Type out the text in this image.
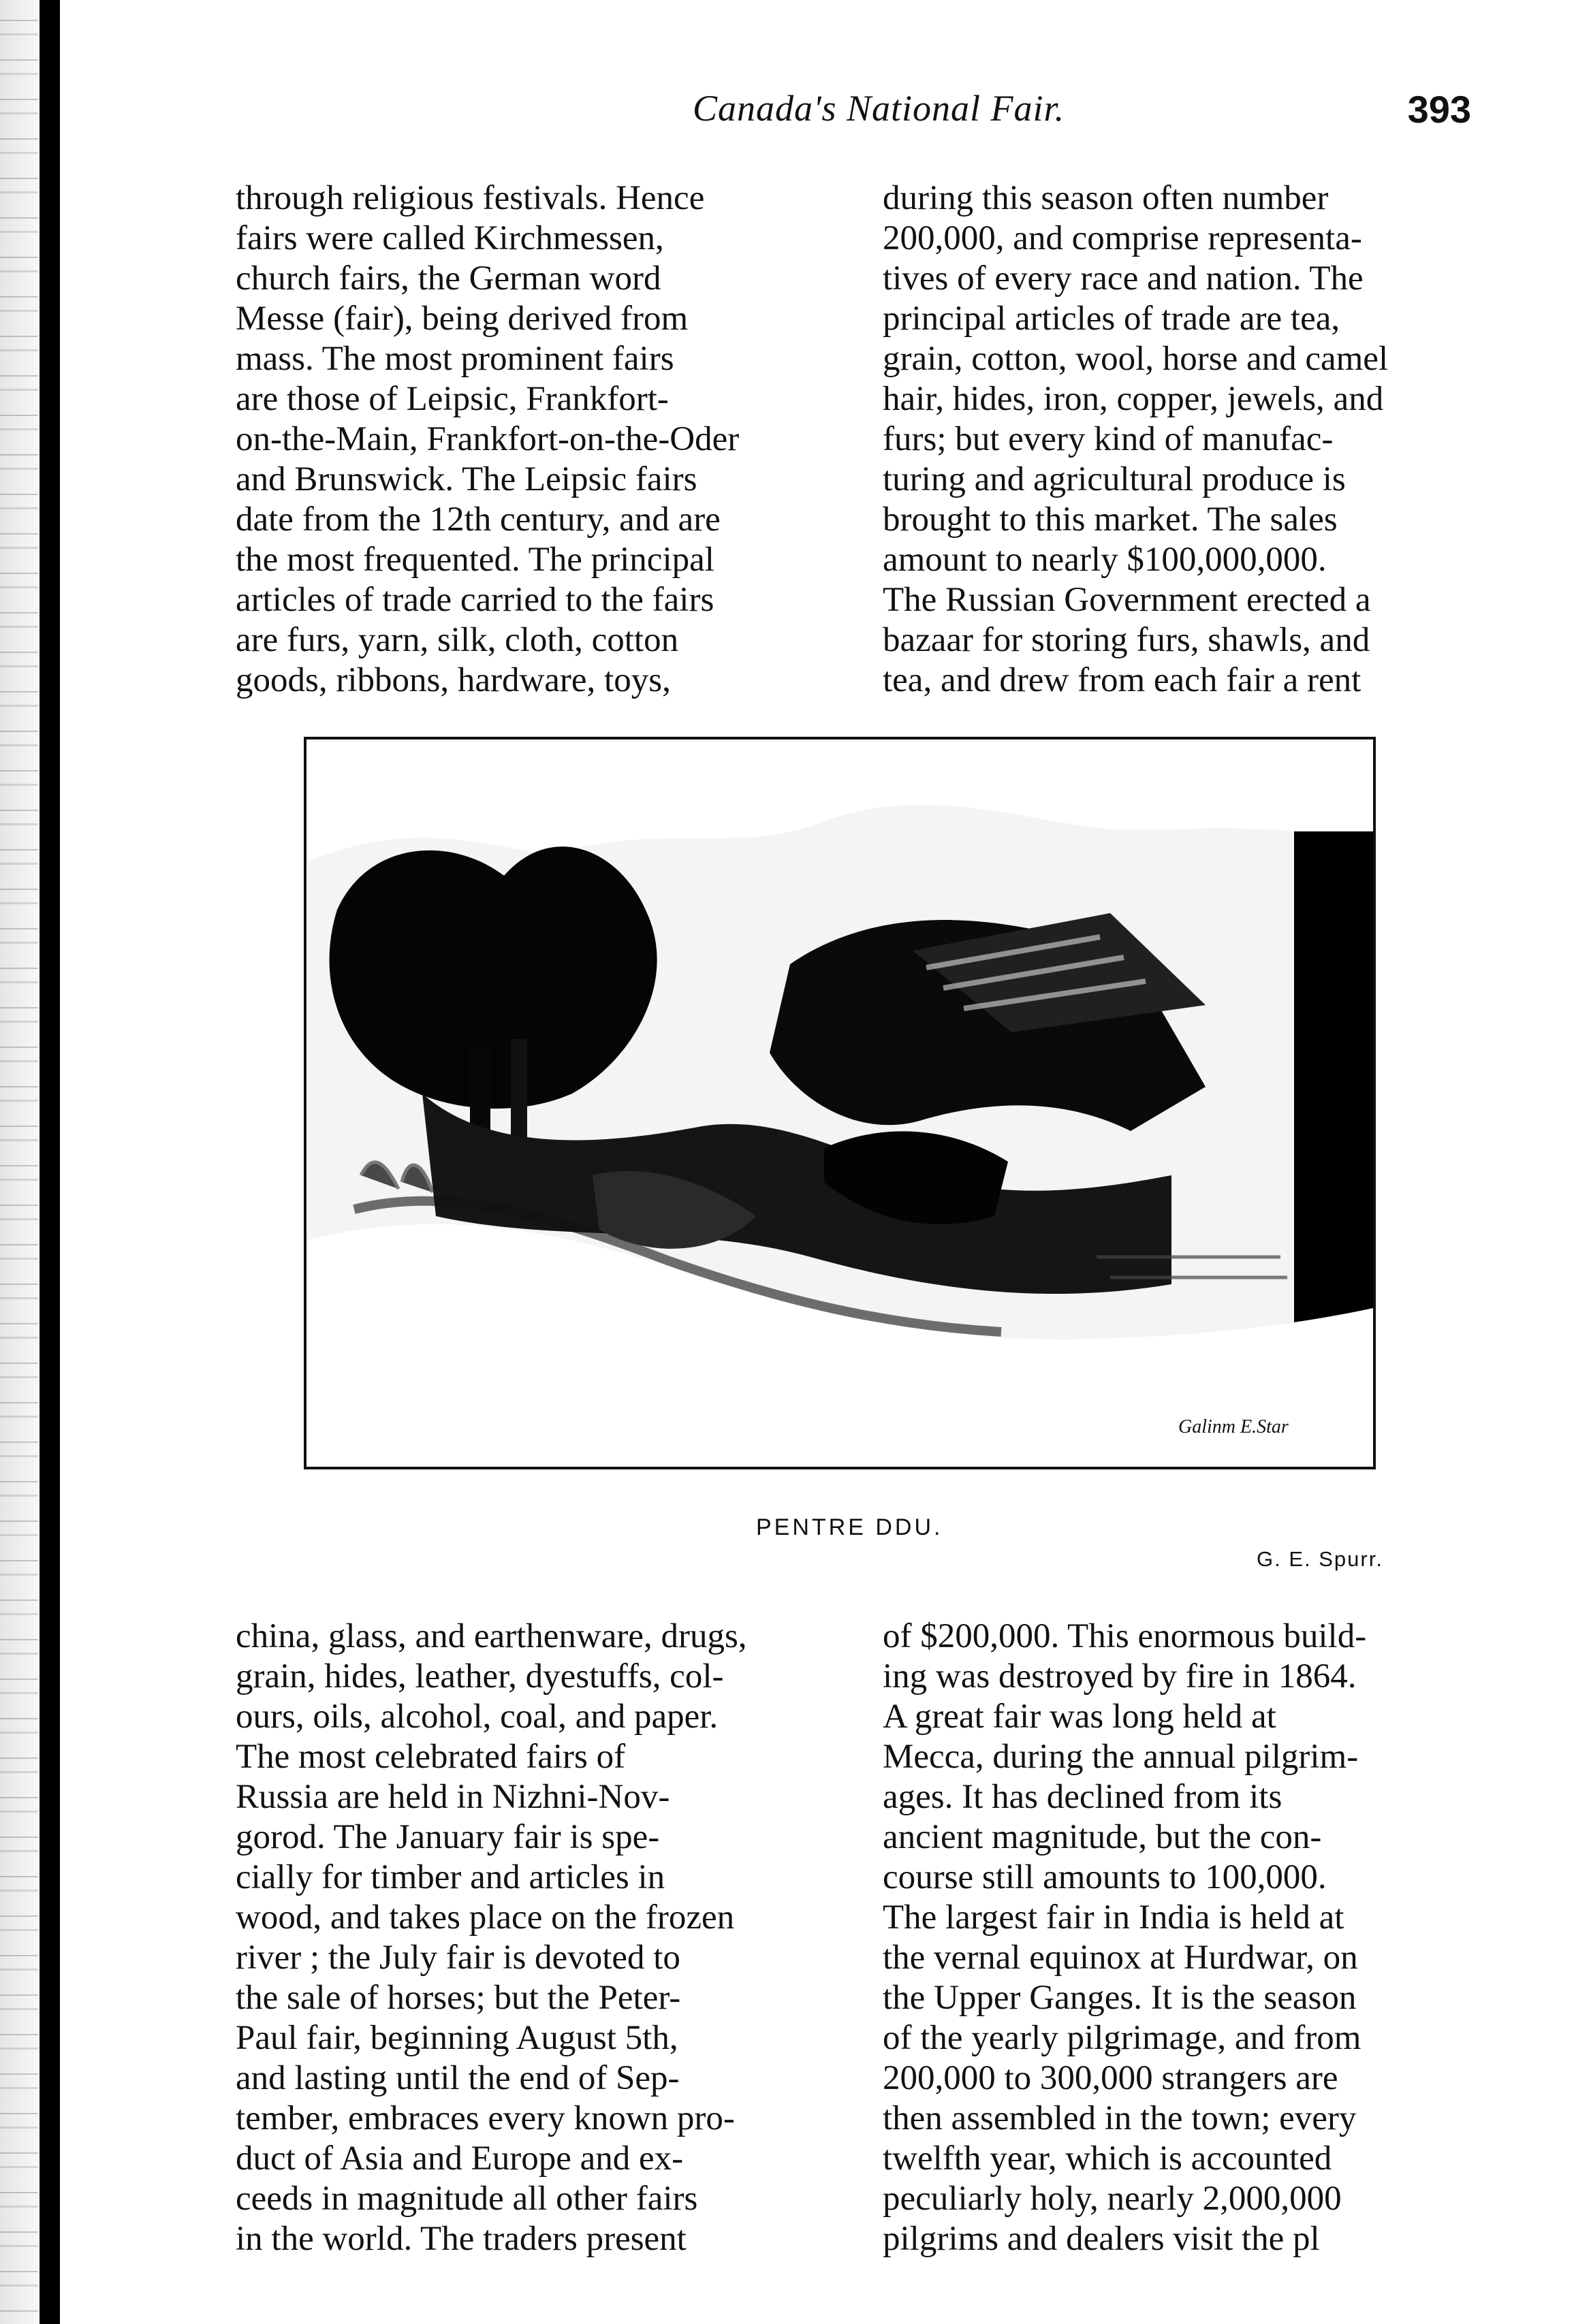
Canada's National Fair.	393
through religious festivals. Hence
fairs were called Kirchmessen,
church fairs, the German word
Messe (fair), being derived from
mass. The most prominent fairs
are those of Leipsic, Frankfort-
on-the-Main, Frankfort-on-the-Oder
and Brunswick. The Leipsic fairs
date from the 12th century, and are
the most frequented. The principal
articles of trade carried to the fairs
are furs, yarn, silk, cloth, cotton
goods, ribbons, hardware, toys,
during this season often number
200,000, and comprise representa-
tives of every race and nation. The
principal articles of trade are tea,
grain, cotton, wool, horse and camel
hair, hides, iron, copper, jewels, and
furs; but every kind of manufac-
turing and agricultural produce is
brought to this market. The sales
amount to nearly $100,000,000.
The Russian Government erected a
bazaar for storing furs, shawls, and
tea, and drew from each fair a rent
Galinm E.Star
PENTRE DDU.
G. E. Spurr.
china, glass, and earthenware, drugs,
grain, hides, leather, dyestuffs, col-
ours, oils, alcohol, coal, and paper.
The most celebrated fairs of
Russia are held in Nizhni-Nov-
gorod. The January fair is spe-
cially for timber and articles in
wood, and takes place on the frozen
river ; the July fair is devoted to
the sale of horses; but the Peter-
Paul fair, beginning August 5th,
and lasting until the end of Sep-
tember, embraces every known pro-
duct of Asia and Europe and ex-
ceeds in magnitude all other fairs
in the world. The traders present
of $200,000. This enormous build-
ing was destroyed by fire in 1864.
A great fair was long held at
Mecca, during the annual pilgrim-
ages. It has declined from its
ancient magnitude, but the con-
course still amounts to 100,000.
The largest fair in India is held at
the vernal equinox at Hurdwar, on
the Upper Ganges. It is the season
of the yearly pilgrimage, and from
200,000 to 300,000 strangers are
then assembled in the town; every
twelfth year, which is accounted
peculiarly holy, nearly 2,000,000
pilgrims and dealers visit the pl
